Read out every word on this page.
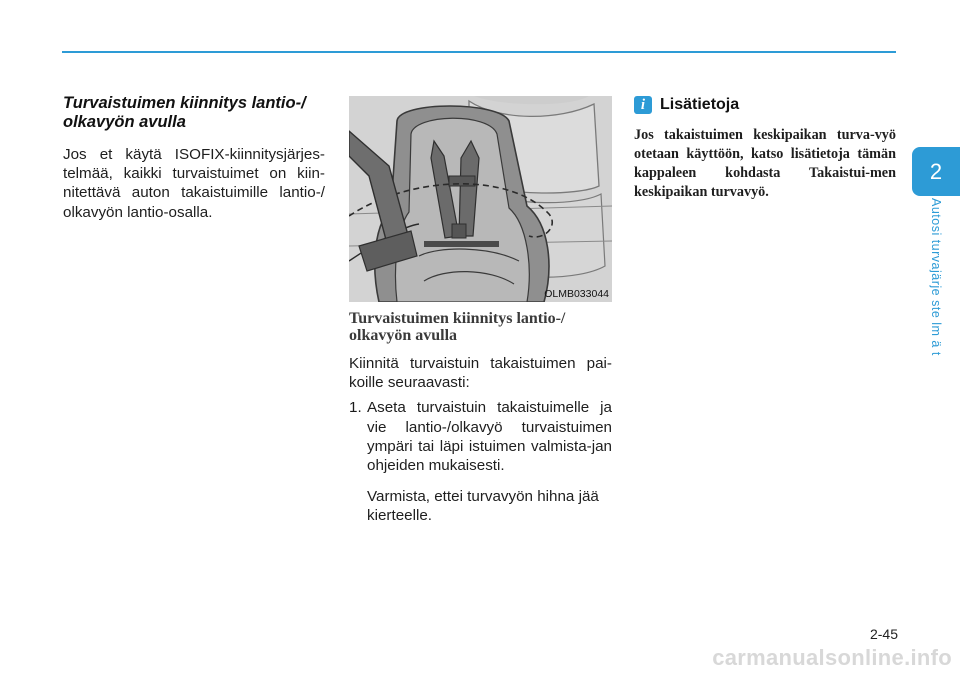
Turvaistuimen kiinnitys lantio-/ olkavyön avulla

Jos et käytä ISOFIX-kiinnitysjärjes-telmää, kaikki turvaistuimet on kiin-nitettävä auton takaistuimille lantio-/ olkavyön lantio-osalla.

OLMB033044
Turvaistuimen kiinnitys lantio-/ olkavyön avulla

Kiinnitä turvaistuin takaistuimen pai-koille seuraavasti:

1. Aseta turvaistuin takaistuimelle ja vie lantio-/olkavyö turvaistuimen ympäri tai läpi istuimen valmista-jan ohjeiden mukaisesti.

Varmista, ettei turvavyön hihna jää kierteelle.

i Lisätietoja

Jos takaistuimen keskipaikan turva-vyö otetaan käyttöön, katso lisätietoja tämän kappaleen kohdasta Takaistui-men keskipaikan turvavyö.

2
Autosi turvajärje ste lm ä t
2-45
carmanualsonline.info
